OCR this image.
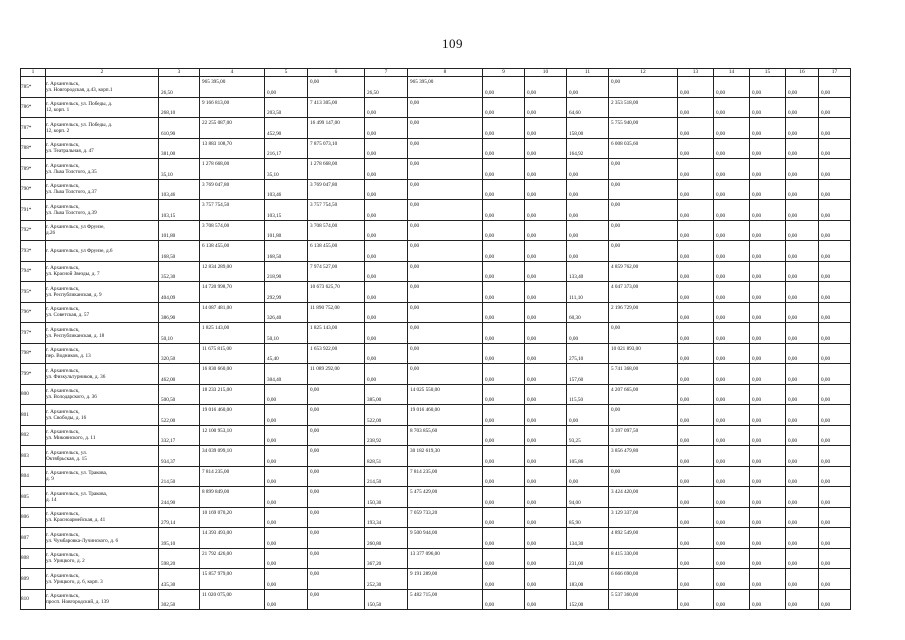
109
1	2	3	4	5	6	7	8	9	10	11	12	13	14	15	16	17
785*	г. Архангельск,
ул. Новгородская, д.43, корп.1	26,50	965 395,00	0,00	0,00	26,50	965 395,00	0,00	0,00	0,00	0,00	0,00	0,00	0,00	0,00	0,00

786*	г. Архангельск, ул. Победы, д.
12, корп. 1	268,10	9 166 813,00	203,50	7 413 305,00	0,00	0,00	0,00	0,00	64,60	2 353 518,00	0,00	0,00	0,00	0,00	0,00

787*	г. Архангельск, ул. Победы, д.
12, корп. 2	610,90	22 255 087,00	452,90	16 499 147,00	0,00	0,00	0,00	0,00	158,00	5 755 940,00	0,00	0,00	0,00	0,00	0,00

788*	г. Архангельск,
ул. Театральная, д. 47	381,00	13 883 108,70	216,17	7 875 073,10	0,00	0,00	0,00	0,00	164,92	6 008 035,60	0,00	0,00	0,00	0,00	0,00

789*	г. Архангельск,
ул. Льва Толстого, д.35	35,10	1 278 668,00	35,10	1 278 668,00	0,00	0,00	0,00	0,00	0,00	0,00	0,00	0,00	0,00	0,00	0,00

790*	г. Архангельск,
ул. Льва Толстого, д.37	103,46	3 769 047,80	103,46	3 769 047,80	0,00	0,00	0,00	0,00	0,00	0,00	0,00	0,00	0,00	0,00	0,00

791*	г. Архангельск,
ул. Льва Толстого, д.39	103,15	3 757 754,50	103,15	3 757 754,50	0,00	0,00	0,00	0,00	0,00	0,00	0,00	0,00	0,00	0,00	0,00

792*	г. Архангельск, ул Фрунзе,
д.26	101,80	3 708 574,00	101,80	3 708 574,00	0,00	0,00	0,00	0,00	0,00	0,00	0,00	0,00	0,00	0,00	0,00

793*	г. Архангельск, ул Фрунзе, д.6	168,50	6 138 455,00	168,50	6 138 455,00	0,00	0,00	0,00	0,00	0,00	0,00	0,00	0,00	0,00	0,00	0,00

794*	г. Архангельск,
ул. Красной Звезды, д. 7	352,30	12 834 289,00	218,90	7 974 527,00	0,00	0,00	0,00	0,00	133,40	4 859 762,00	0,00	0,00	0,00	0,00	0,00

795*	г. Архангельск,
ул. Республиканская, д. 9	404,09	14 720 998,70	292,99	10 673 625,70	0,00	0,00	0,00	0,00	111,10	4 047 373,00	0,00	0,00	0,00	0,00	0,00

796*	г. Архангельск,
ул. Советская, д. 57	386,90	14 087 481,00	326,40	11 890 752,00	0,00	0,00	0,00	0,00	60,30	2 196 729,00	0,00	0,00	0,00	0,00	0,00

797*	г. Архангельск,
ул. Республиканская, д. 18	50,10	1 825 143,00	50,10	1 825 143,00	0,00	0,00	0,00	0,00	0,00	0,00	0,00	0,00	0,00	0,00	0,00

798*	г. Архангельск,
пер. Водников, д. 13	320,50	11 675 815,00	45,40	1 653 922,00	0,00	0,00	0,00	0,00	275,10	10 021 893,00	0,00	0,00	0,00	0,00	0,00

799*	г. Архангельск,
ул. Физкультурников, д. 36	462,00	16 830 660,00	304,40	11 089 292,00	0,00	0,00	0,00	0,00	157,60	5 741 368,00	0,00	0,00	0,00	0,00	0,00

800	г. Архангельск,
ул. Володарского, д. 36	500,50	18 233 215,00	0,00	0,00	385,00	14 025 550,00	0,00	0,00	115,50	4 207 665,00	0,00	0,00	0,00	0,00	0,00

801	г. Архангельск,
ул. Свободы, д. 16	522,00	19 016 460,00	0,00	0,00	522,00	19 016 460,00	0,00	0,00	0,00	0,00	0,00	0,00	0,00	0,00	0,00

802	г. Архангельск,
ул. Микоянского, д. 11	332,17	12 100 953,10	0,00	0,00	238,92	8 703 855,60	0,00	0,00	93,25	3 397 097,50	0,00	0,00	0,00	0,00	0,00

803	г. Архангельск, ул.
Октябрьская, д. 15	934,37	34 039 099,10	0,00	0,00	828,51	30 182 619,30	0,00	0,00	105,86	3 856 479,80	0,00	0,00	0,00	0,00	0,00

804	г. Архангельск, ул. Тракова,
д. 9	214,50	7 814 235,00	0,00	0,00	214,50	7 814 235,00	0,00	0,00	0,00	0,00	0,00	0,00	0,00	0,00	0,00

805	г. Архангельск, ул. Тракова,
д. 14	244,90	8 899 849,00	0,00	0,00	150,30	5 475 429,00	0,00	0,00	94,00	3 424 420,00	0,00	0,00	0,00	0,00	0,00

806	г. Архангельск,
ул. Красноармейская, д. 41	279,14	10 169 070,20	0,00	0,00	193,34	7 059 733,20	0,00	0,00	85,90	3 129 337,00	0,00	0,00	0,00	0,00	0,00

807	г. Архангельск,
ул. Чумбаровка-Лучинского, д. 6	395,10	14 393 493,00	0,00	0,00	260,80	9 500 944,00	0,00	0,00	134,30	4 892 549,00	0,00	0,00	0,00	0,00	0,00

808	г. Архангельск,
ул. Урицкого, д. 2	598,20	21 792 426,00	0,00	0,00	367,20	13 377 096,00	0,00	0,00	231,00	8 415 330,00	0,00	0,00	0,00	0,00	0,00

809	г. Архангельск,
ул. Урицкого, д. 6, корп. 3	435,30	15 857 979,00	0,00	0,00	252,30	9 191 289,00	0,00	0,00	183,00	6 666 690,00	0,00	0,00	0,00	0,00	0,00

810	г. Архангельск,
просп. Новгородский, д. 139	302,50	11 020 075,00	0,00	0,00	150,50	5 482 715,00	0,00	0,00	152,00	5 537 360,00	0,00	0,00	0,00	0,00	0,00
